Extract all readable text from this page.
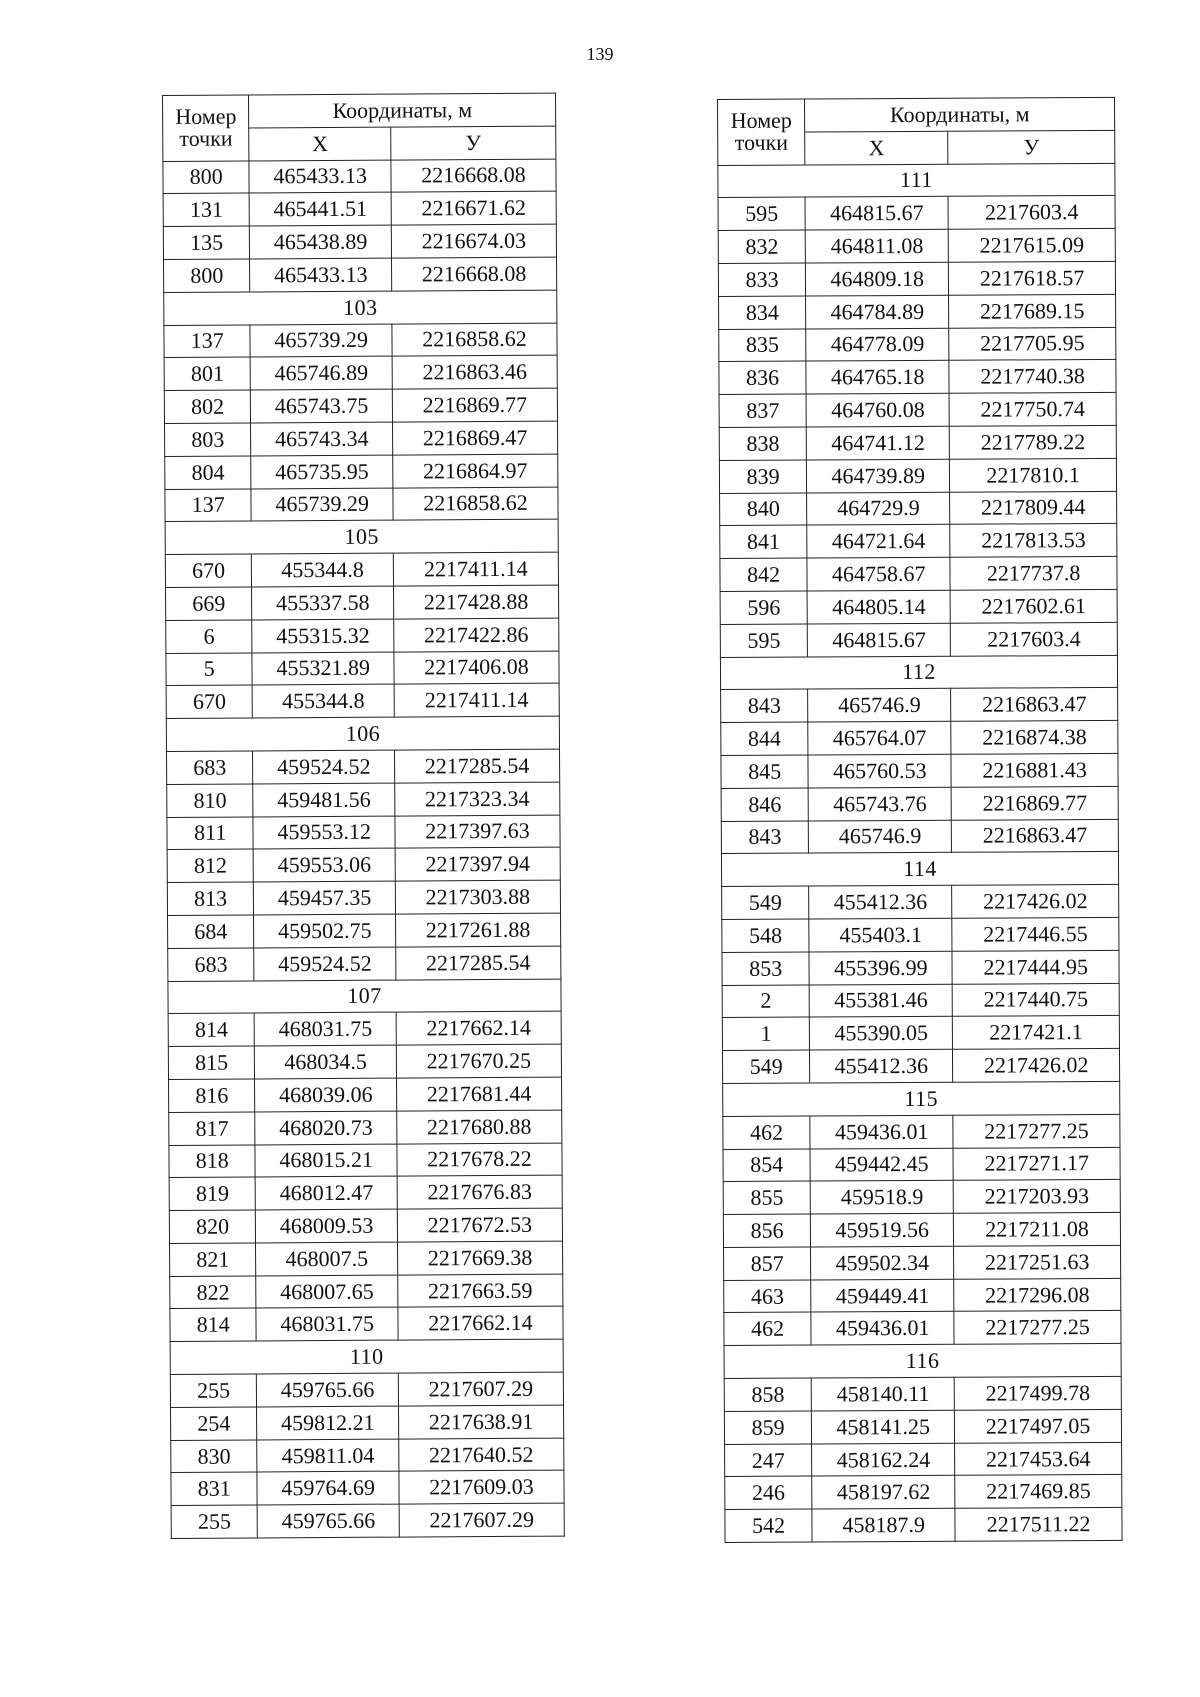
139
Номер
точки	Координаты, м	
	X	У
800	465433.13	2216668.08
131	465441.51	2216671.62
135	465438.89	2216674.03
800	465433.13	2216668.08
103		
137	465739.29	2216858.62
801	465746.89	2216863.46
802	465743.75	2216869.77
803	465743.34	2216869.47
804	465735.95	2216864.97
137	465739.29	2216858.62
105		
670	455344.8	2217411.14
669	455337.58	2217428.88
6	455315.32	2217422.86
5	455321.89	2217406.08
670	455344.8	2217411.14
106		
683	459524.52	2217285.54
810	459481.56	2217323.34
811	459553.12	2217397.63
812	459553.06	2217397.94
813	459457.35	2217303.88
684	459502.75	2217261.88
683	459524.52	2217285.54
107		
814	468031.75	2217662.14
815	468034.5	2217670.25
816	468039.06	2217681.44
817	468020.73	2217680.88
818	468015.21	2217678.22
819	468012.47	2217676.83
820	468009.53	2217672.53
821	468007.5	2217669.38
822	468007.65	2217663.59
814	468031.75	2217662.14
110		
255	459765.66	2217607.29
254	459812.21	2217638.91
830	459811.04	2217640.52
831	459764.69	2217609.03
255	459765.66	2217607.29
Номер
точки	Координаты, м	
	X	У
111		
595	464815.67	2217603.4
832	464811.08	2217615.09
833	464809.18	2217618.57
834	464784.89	2217689.15
835	464778.09	2217705.95
836	464765.18	2217740.38
837	464760.08	2217750.74
838	464741.12	2217789.22
839	464739.89	2217810.1
840	464729.9	2217809.44
841	464721.64	2217813.53
842	464758.67	2217737.8
596	464805.14	2217602.61
595	464815.67	2217603.4
112		
843	465746.9	2216863.47
844	465764.07	2216874.38
845	465760.53	2216881.43
846	465743.76	2216869.77
843	465746.9	2216863.47
114		
549	455412.36	2217426.02
548	455403.1	2217446.55
853	455396.99	2217444.95
2	455381.46	2217440.75
1	455390.05	2217421.1
549	455412.36	2217426.02
115		
462	459436.01	2217277.25
854	459442.45	2217271.17
855	459518.9	2217203.93
856	459519.56	2217211.08
857	459502.34	2217251.63
463	459449.41	2217296.08
462	459436.01	2217277.25
116		
858	458140.11	2217499.78
859	458141.25	2217497.05
247	458162.24	2217453.64
246	458197.62	2217469.85
542	458187.9	2217511.22
